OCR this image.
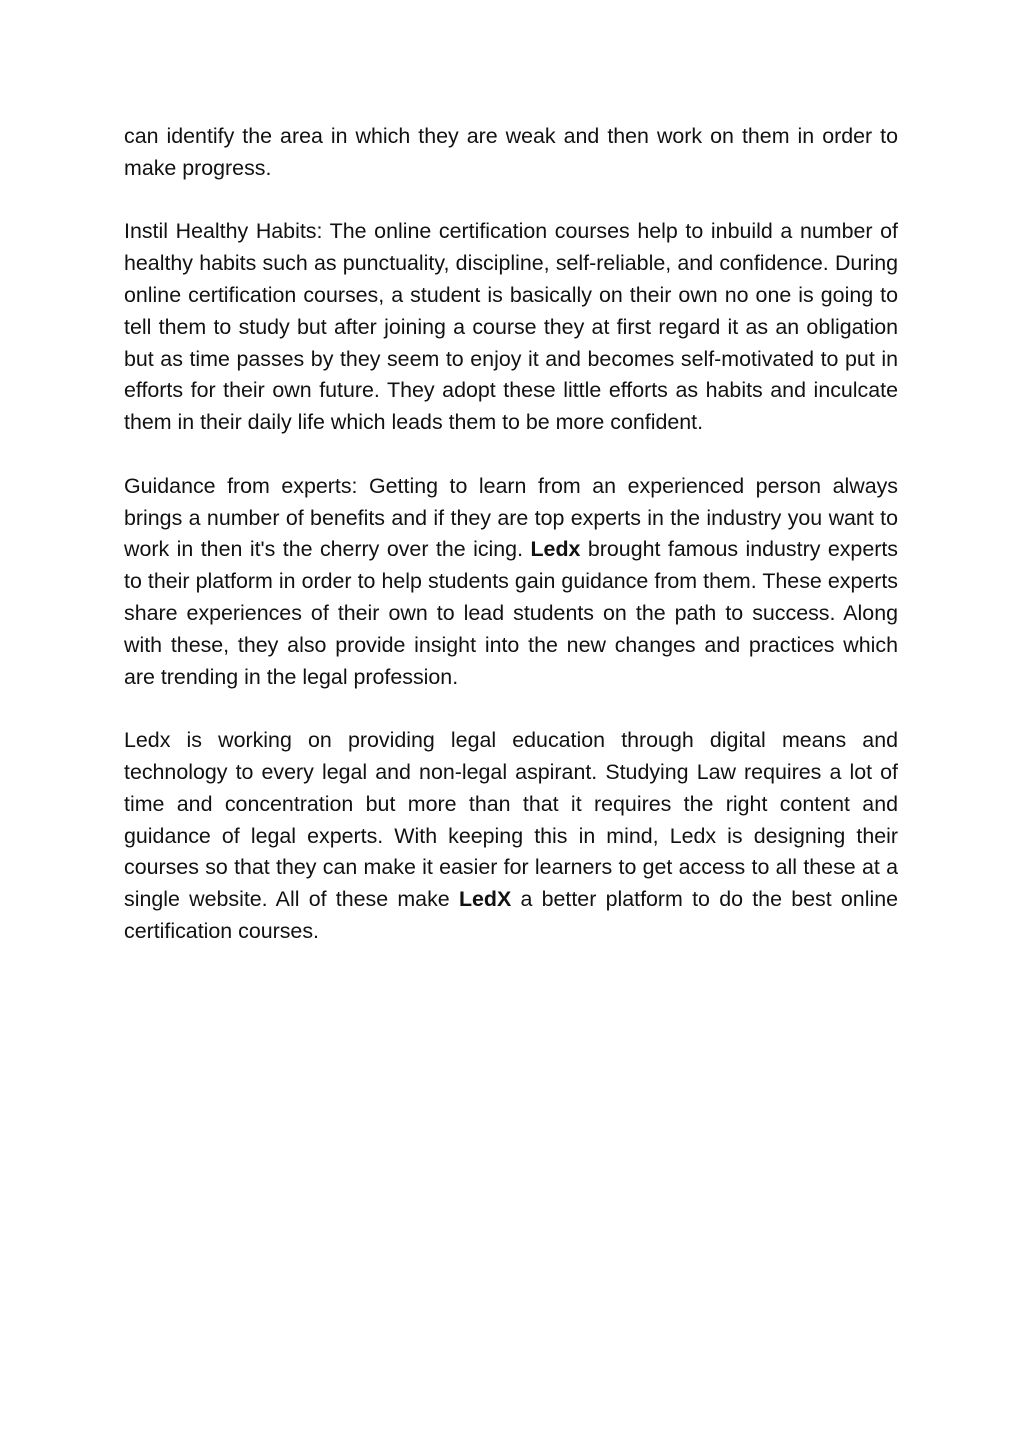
can identify the area in which they are weak and then work on them in order to make progress.

Instil Healthy Habits: The online certification courses help to inbuild a number of healthy habits such as punctuality, discipline, self-reliable, and confidence. During online certification courses, a student is basically on their own no one is going to tell them to study but after joining a course they at first regard it as an obligation but as time passes by they seem to enjoy it and becomes self-motivated to put in efforts for their own future. They adopt these little efforts as habits and inculcate them in their daily life which leads them to be more confident.

Guidance from experts: Getting to learn from an experienced person always brings a number of benefits and if they are top experts in the industry you want to work in then it's the cherry over the icing. Ledx brought famous industry experts to their platform in order to help students gain guidance from them. These experts share experiences of their own to lead students on the path to success. Along with these, they also provide insight into the new changes and practices which are trending in the legal profession.

Ledx is working on providing legal education through digital means and technology to every legal and non-legal aspirant. Studying Law requires a lot of time and concentration but more than that it requires the right content and guidance of legal experts. With keeping this in mind, Ledx is designing their courses so that they can make it easier for learners to get access to all these at a single website. All of these make LedX a better platform to do the best online certification courses.
